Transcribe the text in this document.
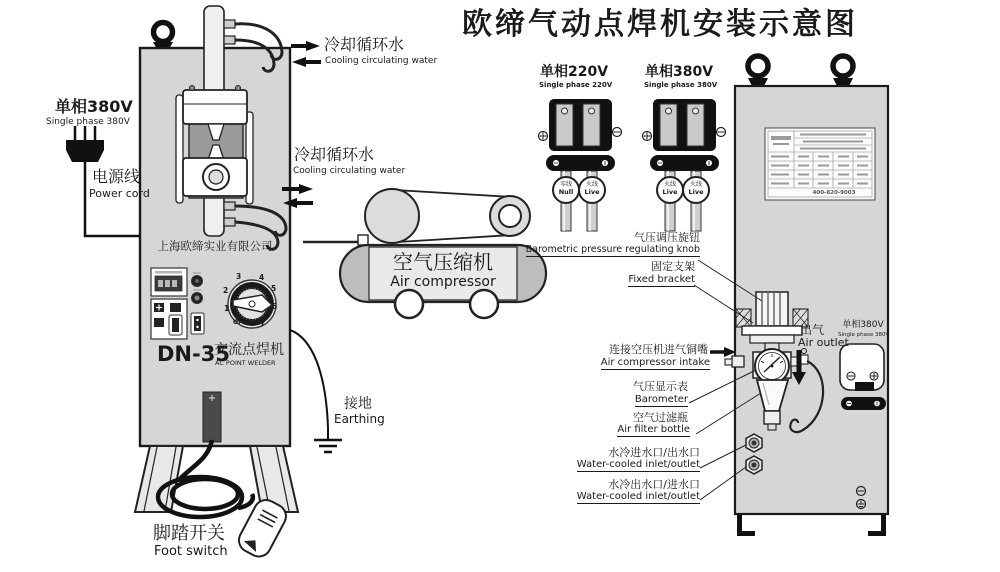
欧缔气动点焊机安装示意图
冷却循环水
Cooling circulating water
冷却循环水
Cooling circulating water
单相380V
Single phase 380V
电源线
Power cord
上海欧缔实业有限公司
DN-35
交流点焊机
AC POINT WELDER
1
2
3 4
5
6
7
OFF
接地
Earthing
脚踏开关
Foot switch
空气压缩机
Air compressor
单相220V
Single phase 220V
单相380V
Single phase 380V
零线
Null
火线
Live
火线
Live
火线
Live
气压调压旋钮
Barometric pressure regulating knob
固定支架
Fixed bracket
连接空压机进气铜嘴
Air compressor intake
气压显示表
Barometer
空气过滤瓶
Air filter bottle
水冷进水口/出水口
Water-cooled inlet/outlet
水冷出水口/进水口
Water-cooled inlet/outlet
出气
Air outlet
单相380V
Single phase 380V
400-820-9003
